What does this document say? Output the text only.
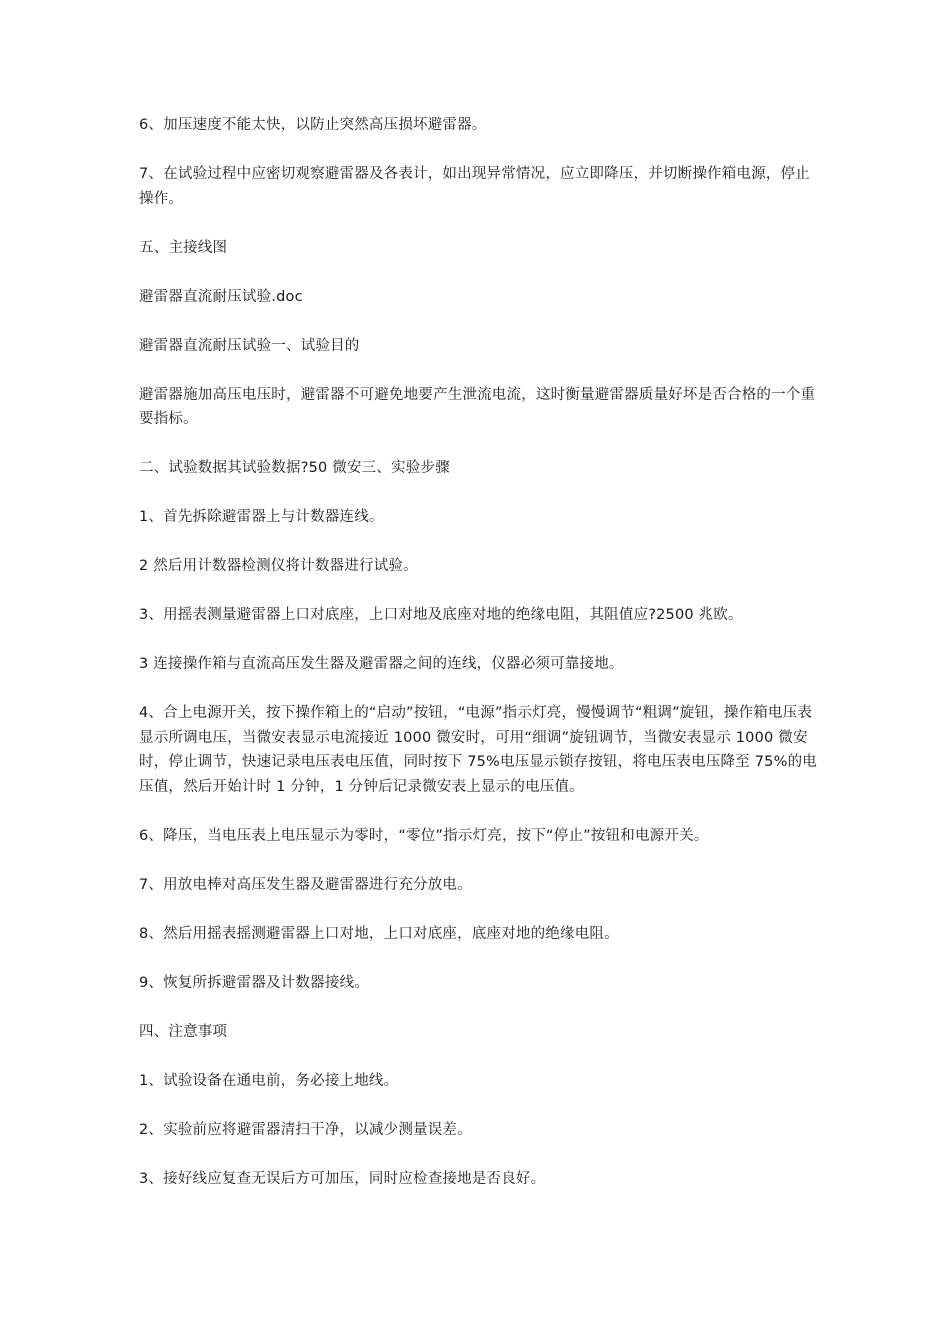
6、加压速度不能太快，以防止突然高压损坏避雷器。

7、在试验过程中应密切观察避雷器及各表计，如出现异常情况，应立即降压，并切断操作箱电源，停止操作。

五、主接线图

避雷器直流耐压试验.doc

避雷器直流耐压试验一、试验目的

避雷器施加高压电压时，避雷器不可避免地要产生泄流电流，这时衡量避雷器质量好坏是否合格的一个重要指标。

二、试验数据其试验数据?50 微安三、实验步骤

1、首先拆除避雷器上与计数器连线。

2 然后用计数器检测仪将计数器进行试验。

3、用摇表测量避雷器上口对底座，上口对地及底座对地的绝缘电阻，其阻值应?2500 兆欧。

3 连接操作箱与直流高压发生器及避雷器之间的连线，仪器必须可靠接地。

4、合上电源开关，按下操作箱上的“启动”按钮，“电源”指示灯亮，慢慢调节“粗调”旋钮，操作箱电压表显示所调电压，当微安表显示电流接近 1000 微安时，可用“细调”旋钮调节，当微安表显示 1000 微安时，停止调节，快速记录电压表电压值，同时按下 75%电压显示锁存按钮，将电压表电压降至 75%的电压值，然后开始计时 1 分钟，1 分钟后记录微安表上显示的电压值。

6、降压，当电压表上电压显示为零时，“零位”指示灯亮，按下“停止”按钮和电源开关。

7、用放电棒对高压发生器及避雷器进行充分放电。

8、然后用摇表摇测避雷器上口对地，上口对底座，底座对地的绝缘电阻。

9、恢复所拆避雷器及计数器接线。

四、注意事项

1、试验设备在通电前，务必接上地线。

2、实验前应将避雷器清扫干净，以减少测量误差。

3、接好线应复查无误后方可加压，同时应检查接地是否良好。
